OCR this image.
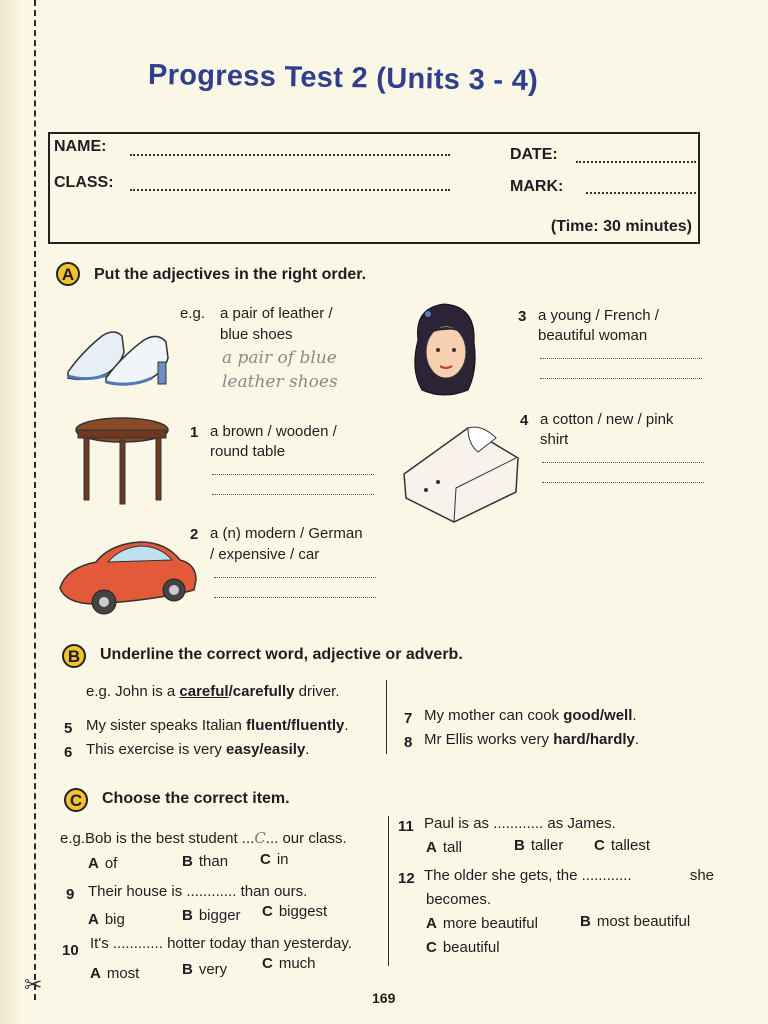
✂
Progress Test 2 (Units 3 - 4)
NAME:
CLASS:
DATE:
MARK:
(Time: 30 minutes)
A	Put the adjectives in the right order.
e.g. a pair of leather /
blue shoes
a pair of blue
leather shoes
1 a brown / wooden /
round table
2 a (n) modern / German
/ expensive / car
3 a young / French /
beautiful woman
4 a cotton / new / pink
shirt
B	Underline the correct word, adjective or adverb.
e.g. John is a careful/carefully driver.
5 My sister speaks Italian fluent/fluently.
6 This exercise is very easy/easily.
7 My mother can cook good/well.
8 Mr Ellis works very hard/hardly.
C	Choose the correct item.
e.g.Bob is the best student ...C... our class.
A of	B than C in
9 Their house is ............ than ours.
A big	B bigger C biggest
10 It's ............ hotter today than yesterday.
A most	B very C much
11 Paul is as ............ as James.
A tall	B taller C tallest
12 The older she gets, the ............	she
becomes.
A more beautiful	B most beautiful
C beautiful
169
